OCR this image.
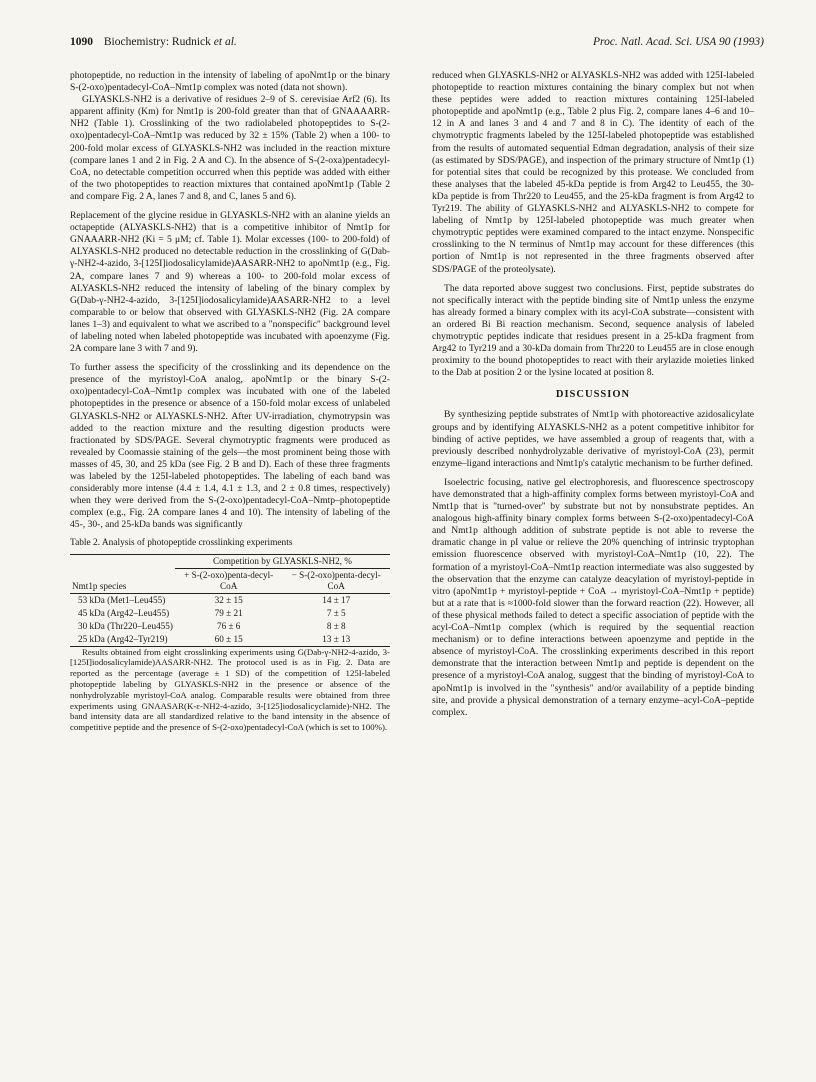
1090 Biochemistry: Rudnick et al.	Proc. Natl. Acad. Sci. USA 90 (1993)

photopeptide, no reduction in the intensity of labeling of apoNmt1p or the binary S-(2-oxo)pentadecyl-CoA–Nmt1p complex was noted (data not shown).

GLYASKLS-NH2 is a derivative of residues 2–9 of S. cerevisiae Arf2 (6). Its apparent affinity (Km) for Nmt1p is 200-fold greater than that of GNAAAARR-NH2 (Table 1). Crosslinking of the two radiolabeled photopeptides to S-(2-oxo)pentadecyl-CoA–Nmt1p was reduced by 32 ± 15% (Table 2) when a 100- to 200-fold molar excess of GLYASKLS-NH2 was included in the reaction mixture (compare lanes 1 and 2 in Fig. 2 A and C). In the absence of S-(2-oxa)pentadecyl-CoA, no detectable competition occurred when this peptide was added with either of the two photopeptides to reaction mixtures that contained apoNmt1p (Table 2 and compare Fig. 2 A, lanes 7 and 8, and C, lanes 5 and 6).

Replacement of the glycine residue in GLYASKLS-NH2 with an alanine yields an octapeptide (ALYASKLS-NH2) that is a competitive inhibitor of Nmt1p for GNAAARR-NH2 (Ki = 5 μM; cf. Table 1). Molar excesses (100- to 200-fold) of ALYASKLS-NH2 produced no detectable reduction in the crosslinking of G(Dab-γ-NH2-4-azido, 3-[125I]iodosalicylamide)AASARR-NH2 to apoNmt1p (e.g., Fig. 2A, compare lanes 7 and 9) whereas a 100- to 200-fold molar excess of ALYASKLS-NH2 reduced the intensity of labeling of the binary complex by G(Dab-γ-NH2-4-azido, 3-[125I]iodosalicylamide)AASARR-NH2 to a level comparable to or below that observed with GLYASKLS-NH2 (Fig. 2A compare lanes 1–3) and equivalent to what we ascribed to a "nonspecific" background level of labeling noted when labeled photopeptide was incubated with apoenzyme (Fig. 2A compare lane 3 with 7 and 9).

To further assess the specificity of the crosslinking and its dependence on the presence of the myristoyl-CoA analog, apoNmt1p or the binary S-(2-oxo)pentadecyl-CoA–Nmt1p complex was incubated with one of the labeled photopeptides in the presence or absence of a 150-fold molar excess of unlabeled GLYASKLS-NH2 or ALYASKLS-NH2. After UV-irradiation, chymotrypsin was added to the reaction mixture and the resulting digestion products were fractionated by SDS/PAGE. Several chymotryptic fragments were produced as revealed by Coomassie staining of the gels—the most prominent being those with masses of 45, 30, and 25 kDa (see Fig. 2 B and D). Each of these three fragments was labeled by the 125I-labeled photopeptides. The labeling of each band was considerably more intense (4.4 ± 1.4, 4.1 ± 1.3, and 2 ± 0.8 times, respectively) when they were derived from the S-(2-oxo)pentadecyl-CoA–Nmtp–photopeptide complex (e.g., Fig. 2A compare lanes 4 and 10). The intensity of labeling of the 45-, 30-, and 25-kDa bands was significantly

Table 2. Analysis of photopeptide crosslinking experiments
	Competition by GLYASKLS-NH2, %	
Nmt1p species	+ S-(2-oxo)penta-decyl-CoA	− S-(2-oxo)penta-decyl-CoA
53 kDa (Met1–Leu455)	32 ± 15	14 ± 17
45 kDa (Arg42–Leu455)	79 ± 21	7 ± 5
30 kDa (Thr220–Leu455)	76 ± 6	8 ± 8
25 kDa (Arg42–Tyr219)	60 ± 15	13 ± 13

Results obtained from eight crosslinking experiments using G(Dab-γ-NH2-4-azido, 3-[125I]iodosalicylamide)AASARR-NH2. The protocol used is as in Fig. 2. Data are reported as the percentage (average ± 1 SD) of the competition of 125I-labeled photopeptide labeling by GLYASKLS-NH2 in the presence or absence of the nonhydrolyzable myristoyl-CoA analog. Comparable results were obtained from three experiments using GNAASAR(K-ε-NH2-4-azido, 3-[125]iodosalicyclamide)-NH2. The band intensity data are all standardized relative to the band intensity in the absence of competitive peptide and the presence of S-(2-oxo)pentadecyl-CoA (which is set to 100%).

reduced when GLYASKLS-NH2 or ALYASKLS-NH2 was added with 125I-labeled photopeptide to reaction mixtures containing the binary complex but not when these peptides were added to reaction mixtures containing 125I-labeled photopeptide and apoNmt1p (e.g., Table 2 plus Fig. 2, compare lanes 4–6 and 10–12 in A and lanes 3 and 4 and 7 and 8 in C). The identity of each of the chymotryptic fragments labeled by the 125I-labeled photopeptide was established from the results of automated sequential Edman degradation, analysis of their size (as estimated by SDS/PAGE), and inspection of the primary structure of Nmt1p (1) for potential sites that could be recognized by this protease. We concluded from these analyses that the labeled 45-kDa peptide is from Arg42 to Leu455, the 30-kDa peptide is from Thr220 to Leu455, and the 25-kDa fragment is from Arg42 to Tyr219. The ability of GLYASKLS-NH2 and ALYASKLS-NH2 to compete for labeling of Nmt1p by 125I-labeled photopeptide was much greater when chymotryptic peptides were examined compared to the intact enzyme. Nonspecific crosslinking to the N terminus of Nmt1p may account for these differences (this portion of Nmt1p is not represented in the three fragments observed after SDS/PAGE of the proteolysate).

The data reported above suggest two conclusions. First, peptide substrates do not specifically interact with the peptide binding site of Nmt1p unless the enzyme has already formed a binary complex with its acyl-CoA substrate—consistent with an ordered Bi Bi reaction mechanism. Second, sequence analysis of labeled chymotryptic peptides indicate that residues present in a 25-kDa fragment from Arg42 to Tyr219 and a 30-kDa domain from Thr220 to Leu455 are in close enough proximity to the bound photopeptides to react with their arylazide moieties linked to the Dab at position 2 or the lysine located at position 8.

DISCUSSION

By synthesizing peptide substrates of Nmt1p with photoreactive azidosalicylate groups and by identifying ALYASKLS-NH2 as a potent competitive inhibitor for binding of active peptides, we have assembled a group of reagents that, with a previously described nonhydrolyzable derivative of myristoyl-CoA (23), permit enzyme–ligand interactions and Nmt1p's catalytic mechanism to be further defined.

Isoelectric focusing, native gel electrophoresis, and fluorescence spectroscopy have demonstrated that a high-affinity complex forms between myristoyl-CoA and Nmt1p that is "turned-over" by substrate but not by nonsubstrate peptides. An analogous high-affinity binary complex forms between S-(2-oxo)pentadecyl-CoA and Nmt1p although addition of substrate peptide is not able to reverse the dramatic change in pI value or relieve the 20% quenching of intrinsic tryptophan emission fluorescence observed with myristoyl-CoA–Nmt1p (10, 22). The formation of a myristoyl-CoA–Nmt1p reaction intermediate was also suggested by the observation that the enzyme can catalyze deacylation of myristoyl-peptide in vitro (apoNmt1p + myristoyl-peptide + CoA → myristoyl-CoA–Nmt1p + peptide) but at a rate that is ≈1000-fold slower than the forward reaction (22). However, all of these physical methods failed to detect a specific association of peptide with the acyl-CoA–Nmt1p complex (which is required by the sequential reaction mechanism) or to define interactions between apoenzyme and peptide in the absence of myristoyl-CoA. The crosslinking experiments described in this report demonstrate that the interaction between Nmt1p and peptide is dependent on the presence of a myristoyl-CoA analog, suggest that the binding of myristoyl-CoA to apoNmt1p is involved in the "synthesis" and/or availability of a peptide binding site, and provide a physical demonstration of a ternary enzyme–acyl-CoA–peptide complex.
